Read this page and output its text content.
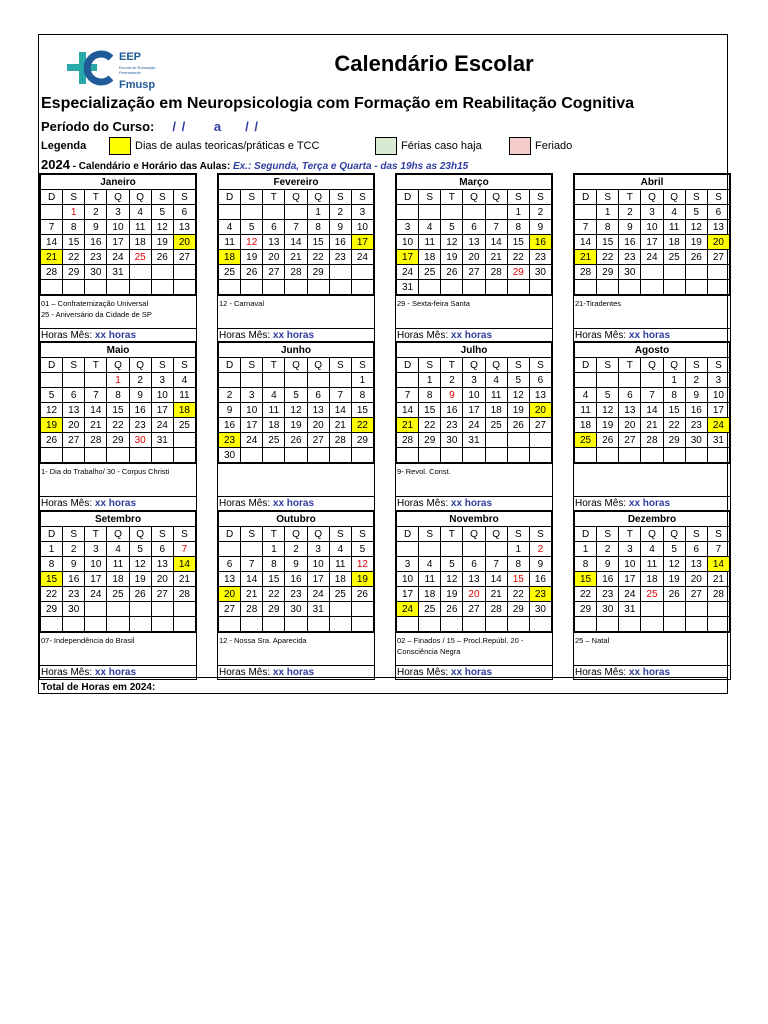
EEP
Escola de Educação Permanente
Fmusp
Calendário Escolar
Especialização em Neuropsicologia com Formação em Reabilitação Cognitiva
Período do Curso: / /      a     / /
Legenda	Dias de aulas teoricas/práticas e TCC	Férias caso haja	Feriado
2024 - Calendário e Horário das Aulas: Ex.: Segunda, Terça e Quarta - das 19hs as 23h15
Janeiro						
D	S	T	Q	Q	S	S
	1	2	3	4	5	6
7	8	9	10	11	12	13
14	15	16	17	18	19	20
21	22	23	24	25	26	27
28	29	30	31			

01 – Confraternização Universal
25 - Aniversário da Cidade de SP
Horas Mês: xx horas
Fevereiro						
D	S	T	Q	Q	S	S
				1	2	3
4	5	6	7	8	9	10
11	12	13	14	15	16	17
18	19	20	21	22	23	24
25	26	27	28	29		

12 - Carnaval
Horas Mês: xx horas
Março						
D	S	T	Q	Q	S	S
					1	2
3	4	5	6	7	8	9
10	11	12	13	14	15	16
17	18	19	20	21	22	23
24	25	26	27	28	29	30
31						
29 - Sexta-feira Santa
Horas Mês: xx horas
Abril						
D	S	T	Q	Q	S	S
	1	2	3	4	5	6
7	8	9	10	11	12	13
14	15	16	17	18	19	20
21	22	23	24	25	26	27
28	29	30				

21-Tiradentes
Horas Mês: xx horas
Maio						
D	S	T	Q	Q	S	S
			1	2	3	4
5	6	7	8	9	10	11
12	13	14	15	16	17	18
19	20	21	22	23	24	25
26	27	28	29	30	31	

1- Dia do Trabalho/ 30 - Corpus Christi
Horas Mês: xx horas
Junho						
D	S	T	Q	Q	S	S
						1
2	3	4	5	6	7	8
9	10	11	12	13	14	15
16	17	18	19	20	21	22
23	24	25	26	27	28	29
30						
Horas Mês: xx horas
Julho						
D	S	T	Q	Q	S	S
	1	2	3	4	5	6
7	8	9	10	11	12	13
14	15	16	17	18	19	20
21	22	23	24	25	26	27
28	29	30	31			

9- Revol. Const.
Horas Mês: xx horas
Agosto						
D	S	T	Q	Q	S	S
				1	2	3
4	5	6	7	8	9	10
11	12	13	14	15	16	17
18	19	20	21	22	23	24
25	26	27	28	29	30	31

Horas Mês: xx horas
Setembro						
D	S	T	Q	Q	S	S
1	2	3	4	5	6	7
8	9	10	11	12	13	14
15	16	17	18	19	20	21
22	23	24	25	26	27	28
29	30					

07- Independência do Brasil
Horas Mês: xx horas
Outubro						
D	S	T	Q	Q	S	S
		1	2	3	4	5
6	7	8	9	10	11	12
13	14	15	16	17	18	19
20	21	22	23	24	25	26
27	28	29	30	31		

12 - Nossa Sra. Aparecida
Horas Mês: xx horas
Novembro						
D	S	T	Q	Q	S	S
					1	2
3	4	5	6	7	8	9
10	11	12	13	14	15	16
17	18	19	20	21	22	23
24	25	26	27	28	29	30

02 – Finados / 15 – Procl.Repúbl. 20 -
Consciência Negra
Horas Mês: xx horas
Dezembro						
D	S	T	Q	Q	S	S
1	2	3	4	5	6	7
8	9	10	11	12	13	14
15	16	17	18	19	20	21
22	23	24	25	26	27	28
29	30	31				

25 – Natal
Horas Mês: xx horas
Total de Horas em 2024:
